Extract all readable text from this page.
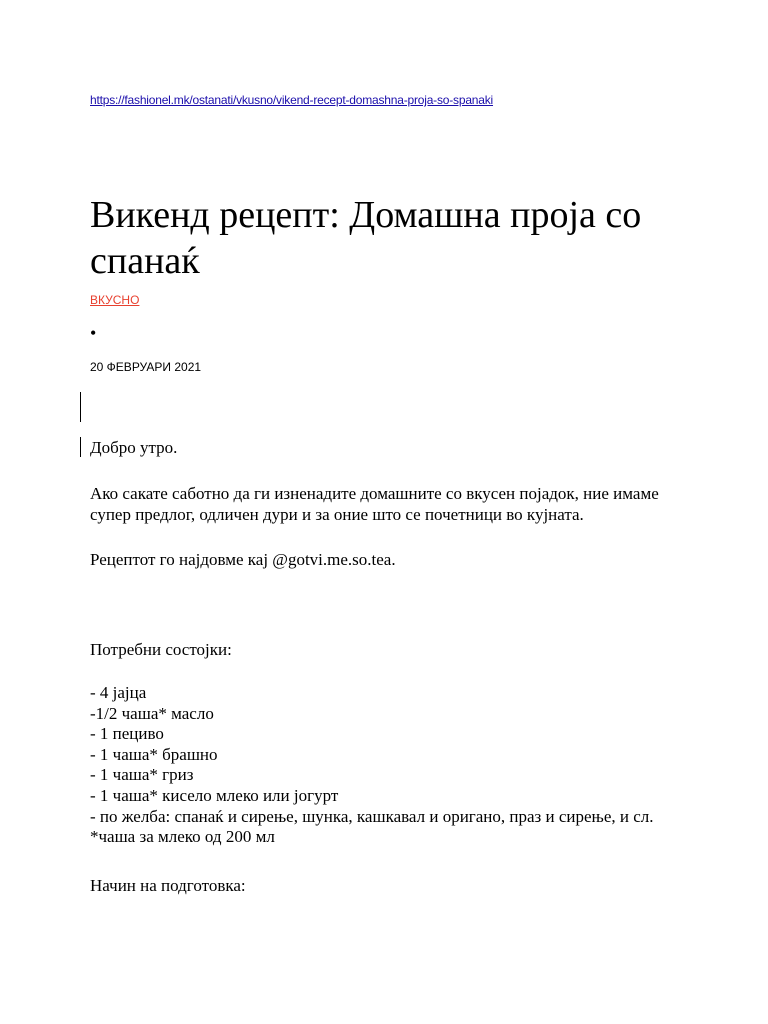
https://fashionel.mk/ostanati/vkusno/vikend-recept-domashna-proja-so-spanaki
Викенд рецепт: Домашна проја со спанаќ
ВКУСНО
•
20 ФЕВРУАРИ 2021

Добро утро.

Ако сакате саботно да ги изненадите домашните со вкусен појадок, ние имаме супер предлог, одличен дури и за оние што се почетници во кујната.

Рецептот го најдовме кај @gotvi.me.so.tea.

Потребни состојки:

- 4 јајца
-1/2 чаша* масло
- 1 пециво
- 1 чаша* брашно
- 1 чаша* гриз
- 1 чаша* кисело млеко или јогурт
- по желба: спанаќ и сирење, шунка, кашкавал и оригано, праз и сирење, и сл.
*чаша за млеко од 200 мл

Начин на подготовка:
